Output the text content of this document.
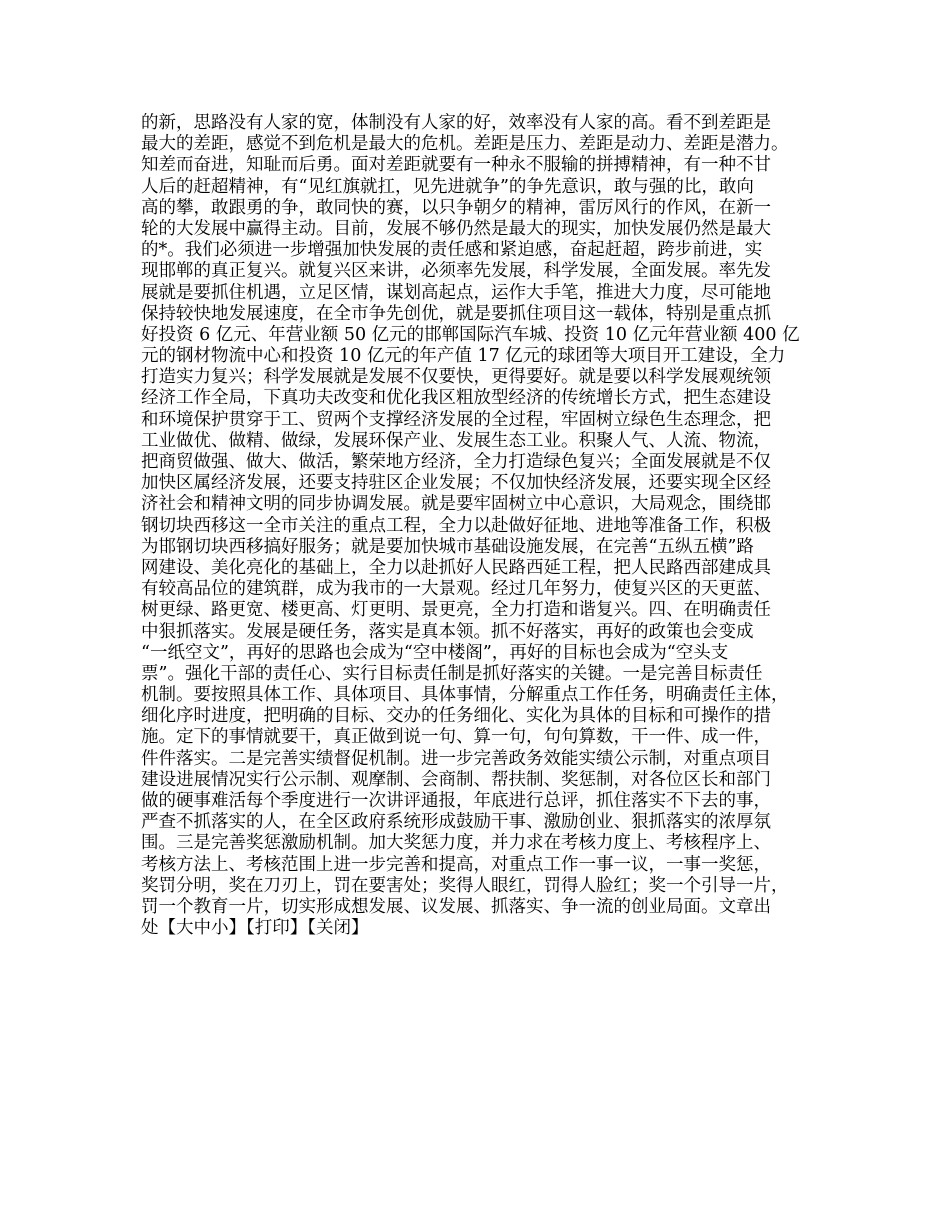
的新，思路没有人家的宽，体制没有人家的好，效率没有人家的高。看不到差距是
最大的差距，感觉不到危机是最大的危机。差距是压力、差距是动力、差距是潜力。
知差而奋进，知耻而后勇。面对差距就要有一种永不服输的拼搏精神，有一种不甘
人后的赶超精神，有“见红旗就扛，见先进就争”的争先意识，敢与强的比，敢向
高的攀，敢跟勇的争，敢同快的赛，以只争朝夕的精神，雷厉风行的作风，在新一
轮的大发展中赢得主动。目前，发展不够仍然是最大的现实，加快发展仍然是最大
的*。我们必须进一步增强加快发展的责任感和紧迫感，奋起赶超，跨步前进，实
现邯郸的真正复兴。就复兴区来讲，必须率先发展，科学发展，全面发展。率先发
展就是要抓住机遇，立足区情，谋划高起点，运作大手笔，推进大力度，尽可能地
保持较快地发展速度，在全市争先创优，就是要抓住项目这一载体，特别是重点抓
好投资 6 亿元、年营业额 50 亿元的邯郸国际汽车城、投资 10 亿元年营业额 400 亿
元的钢材物流中心和投资 10 亿元的年产值 17 亿元的球团等大项目开工建设，全力
打造实力复兴；科学发展就是发展不仅要快，更得要好。就是要以科学发展观统领
经济工作全局，下真功夫改变和优化我区粗放型经济的传统增长方式，把生态建设
和环境保护贯穿于工、贸两个支撑经济发展的全过程，牢固树立绿色生态理念，把
工业做优、做精、做绿，发展环保产业、发展生态工业。积聚人气、人流、物流，
把商贸做强、做大、做活，繁荣地方经济，全力打造绿色复兴；全面发展就是不仅
加快区属经济发展，还要支持驻区企业发展；不仅加快经济发展，还要实现全区经
济社会和精神文明的同步协调发展。就是要牢固树立中心意识，大局观念，围绕邯
钢切块西移这一全市关注的重点工程，全力以赴做好征地、进地等准备工作，积极
为邯钢切块西移搞好服务；就是要加快城市基础设施发展，在完善“五纵五横”路
网建设、美化亮化的基础上，全力以赴抓好人民路西延工程，把人民路西部建成具
有较高品位的建筑群，成为我市的一大景观。经过几年努力，使复兴区的天更蓝、
树更绿、路更宽、楼更高、灯更明、景更亮，全力打造和谐复兴。四、在明确责任
中狠抓落实。发展是硬任务，落实是真本领。抓不好落实，再好的政策也会变成
“一纸空文”，再好的思路也会成为“空中楼阁”，再好的目标也会成为“空头支
票”。强化干部的责任心、实行目标责任制是抓好落实的关键。一是完善目标责任
机制。要按照具体工作、具体项目、具体事情，分解重点工作任务，明确责任主体，
细化序时进度，把明确的目标、交办的任务细化、实化为具体的目标和可操作的措
施。定下的事情就要干，真正做到说一句、算一句，句句算数，干一件、成一件，
件件落实。二是完善实绩督促机制。进一步完善政务效能实绩公示制，对重点项目
建设进展情况实行公示制、观摩制、会商制、帮扶制、奖惩制，对各位区长和部门
做的硬事难活每个季度进行一次讲评通报，年底进行总评，抓住落实不下去的事，
严查不抓落实的人，在全区政府系统形成鼓励干事、激励创业、狠抓落实的浓厚氛
围。三是完善奖惩激励机制。加大奖惩力度，并力求在考核力度上、考核程序上、
考核方法上、考核范围上进一步完善和提高，对重点工作一事一议，一事一奖惩，
奖罚分明，奖在刀刃上，罚在要害处；奖得人眼红，罚得人脸红；奖一个引导一片，
罚一个教育一片，切实形成想发展、议发展、抓落实、争一流的创业局面。文章出
处【大中小】【打印】【关闭】
